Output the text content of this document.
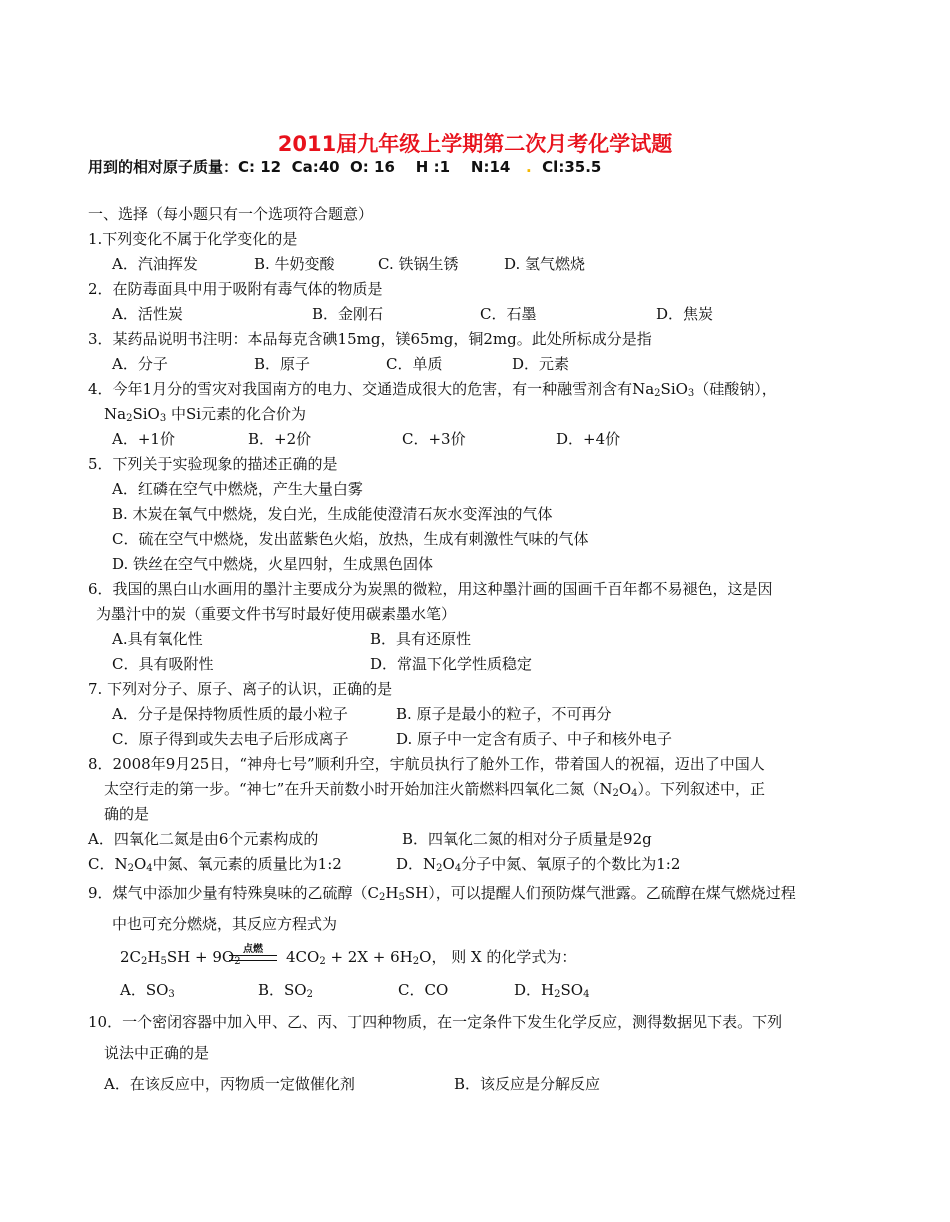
2011届九年级上学期第二次月考化学试题
用到的相对原子质量：C: 12 Ca:40 O: 16 H :1 N:14 . Cl:35.5
一、选择（每小题只有一个选项符合题意）
1.下列变化不属于化学变化的是
A．汽油挥发	B. 牛奶变酸	C. 铁锅生锈	D. 氢气燃烧
2．在防毒面具中用于吸附有毒气体的物质是
A．活性炭	B．金刚石	C．石墨	D．焦炭
3．某药品说明书注明：本品每克含碘15mg，镁65mg，铜2mg。此处所标成分是指
A．分子	B．原子	C．单质	D．元素
4．今年1月分的雪灾对我国南方的电力、交通造成很大的危害，有一种融雪剂含有$Na_2SiO_3$（硅酸钠），
$Na_2SiO_3$ 中Si元素的化合价为
A．+1价	B．+2价	C．+3价	D．+4价
5．下列关于实验现象的描述正确的是
A．红磷在空气中燃烧，产生大量白雾
B. 木炭在氧气中燃烧，发白光，生成能使澄清石灰水变浑浊的气体
C．硫在空气中燃烧，发出蓝紫色火焰，放热，生成有刺激性气味的气体
D. 铁丝在空气中燃烧，火星四射，生成黑色固体
6．我国的黑白山水画用的墨汁主要成分为炭黑的微粒，用这种墨汁画的国画千百年都不易褪色，这是因
为墨汁中的炭（重要文件书写时最好使用碳素墨水笔）
A.具有氧化性	B．具有还原性
C．具有吸附性	D．常温下化学性质稳定
7. 下列对分子、原子、离子的认识，正确的是
A．分子是保持物质性质的最小粒子	B. 原子是最小的粒子，不可再分
C．原子得到或失去电子后形成离子	D. 原子中一定含有质子、中子和核外电子
8．2008年9月25日，“神舟七号”顺利升空，宇航员执行了舱外工作，带着国人的祝福，迈出了中国人
太空行走的第一步。“神七”在升天前数小时开始加注火箭燃料四氧化二氮$(N_2O_4)$。下列叙述中，正
确的是
A．四氧化二氮是由6个元素构成的	B．四氧化二氮的相对分子质量是92g
C．$N_2O_4$中氮、氧元素的质量比为1:2	D．$N_2O_4$分子中氮、氧原子的个数比为1:2
9．煤气中添加少量有特殊臭味的乙硫醇$(C_2H_5SH)$，可以提醒人们预防煤气泄露。乙硫醇在煤气燃烧过程
中也可充分燃烧，其反应方程式为
$2C_2H_5SH + 9O_2$
点燃	$4CO_2 + 2X + 6H_2O$， 则 X 的化学式为：
A．$SO_3$	B．$SO_2$	C．CO	D．$H_2SO_4$
10．一个密闭容器中加入甲、乙、丙、丁四种物质，在一定条件下发生化学反应，测得数据见下表。下列
说法中正确的是
A．在该反应中，丙物质一定做催化剂	B．该反应是分解反应
